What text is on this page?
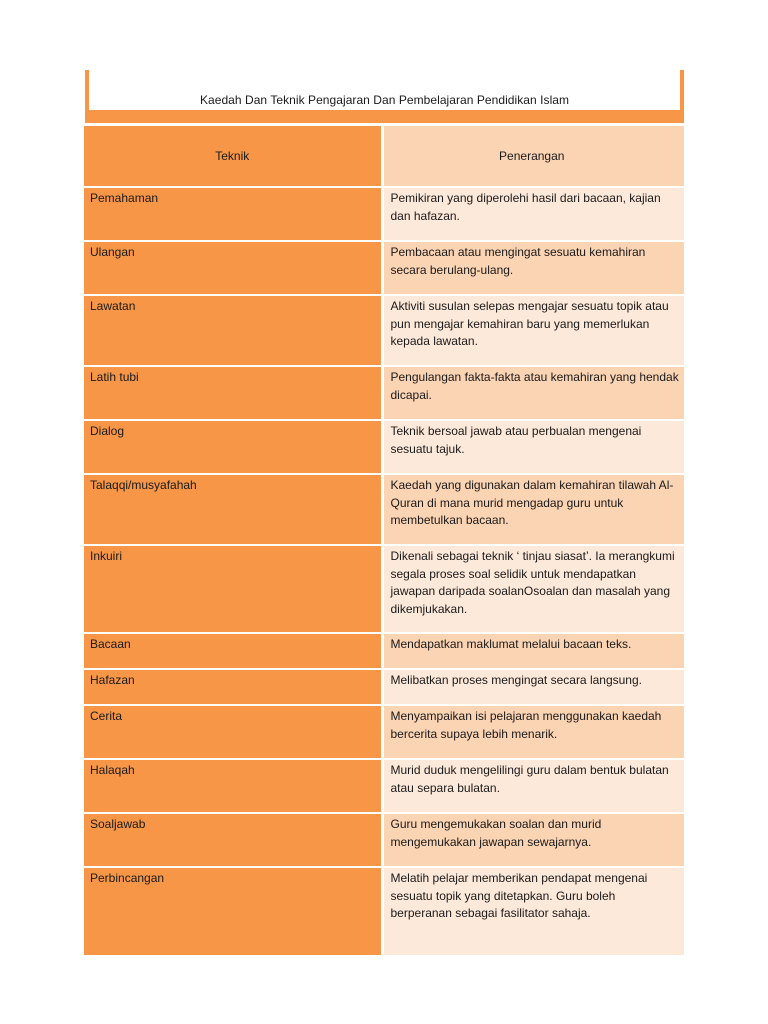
Kaedah Dan Teknik Pengajaran Dan Pembelajaran Pendidikan Islam
Teknik	Penerangan

Pemahaman	Pemikiran yang diperolehi hasil dari bacaan, kajian dan hafazan.

Ulangan	Pembacaan atau mengingat sesuatu kemahiran secara berulang-ulang.

Lawatan	Aktiviti susulan selepas mengajar sesuatu topik atau pun mengajar kemahiran baru yang memerlukan kepada lawatan.

Latih tubi	Pengulangan fakta-fakta atau kemahiran yang hendak dicapai.

Dialog	Teknik bersoal jawab atau perbualan mengenai sesuatu tajuk.

Talaqqi/musyafahah	Kaedah yang digunakan dalam kemahiran tilawah Al-Quran di mana murid mengadap guru untuk membetulkan bacaan.

Inkuiri	Dikenali sebagai teknik ‘ tinjau siasat’. Ia merangkumi segala proses soal selidik untuk mendapatkan jawapan daripada soalanOsoalan dan masalah yang dikemjukakan.

Bacaan	Mendapatkan maklumat melalui bacaan teks.

Hafazan	Melibatkan proses mengingat secara langsung.

Cerita	Menyampaikan isi pelajaran menggunakan kaedah bercerita supaya lebih menarik.

Halaqah	Murid duduk mengelilingi guru dalam bentuk bulatan atau separa bulatan.

Soaljawab	Guru mengemukakan soalan dan murid mengemukakan jawapan sewajarnya.

Perbincangan	Melatih pelajar memberikan pendapat mengenai sesuatu topik yang ditetapkan. Guru boleh berperanan sebagai fasilitator sahaja.
